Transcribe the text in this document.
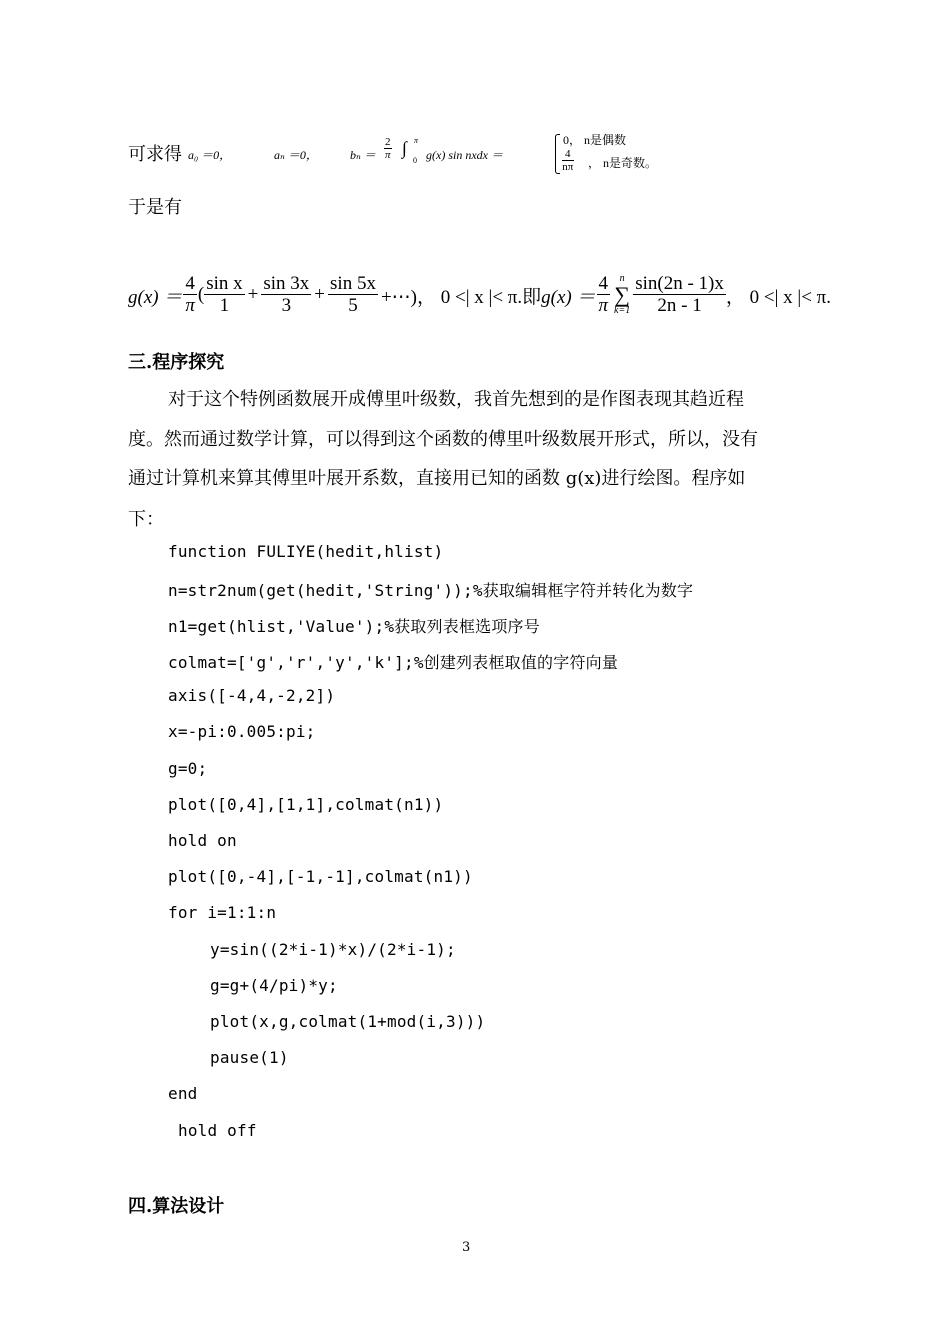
可求得 a₀ ＝0，	aₙ ＝0，	bₙ ＝
2
π ∫ π
0 g(x) sin nxdx ＝
0， n是偶数
$\frac{4}{n\pi}$ ， n是奇数。
于是有
$g(x) = \frac{4}{\pi}$ ( $\frac{\text{sin x}}{1} + \frac{\sin 3x}{3} + \frac{\sin 5x}{5}$ +⋯)， 0 <| x |< π. 即 $g(x) = \frac{4}{\pi}$ n
∑
$k=1 \frac{\sin(2n - 1)x}{2n - 1}$ ， 0 <| x |< π.
三.程序探究
对于这个特例函数展开成傅里叶级数，我首先想到的是作图表现其趋近程
度。然而通过数学计算，可以得到这个函数的傅里叶级数展开形式，所以，没有
通过计算机来算其傅里叶展开系数，直接用已知的函数 g(x)进行绘图。程序如
下：
function FULIYE(hedit,hlist)
n=str2num(get(hedit,'String'));%获取编辑框字符并转化为数字
n1=get(hlist,'Value');%获取列表框选项序号
colmat=['g','r','y','k'];%创建列表框取值的字符向量
axis([-4,4,-2,2])
x=-pi:0.005:pi;
g=0;
plot([0,4],[1,1],colmat(n1))
hold on
plot([0,-4],[-1,-1],colmat(n1))
for i=1:1:n
y=sin((2*i-1)*x)/(2*i-1);
g=g+(4/pi)*y;
plot(x,g,colmat(1+mod(i,3)))
pause(1)
end
hold off
四.算法设计
3
